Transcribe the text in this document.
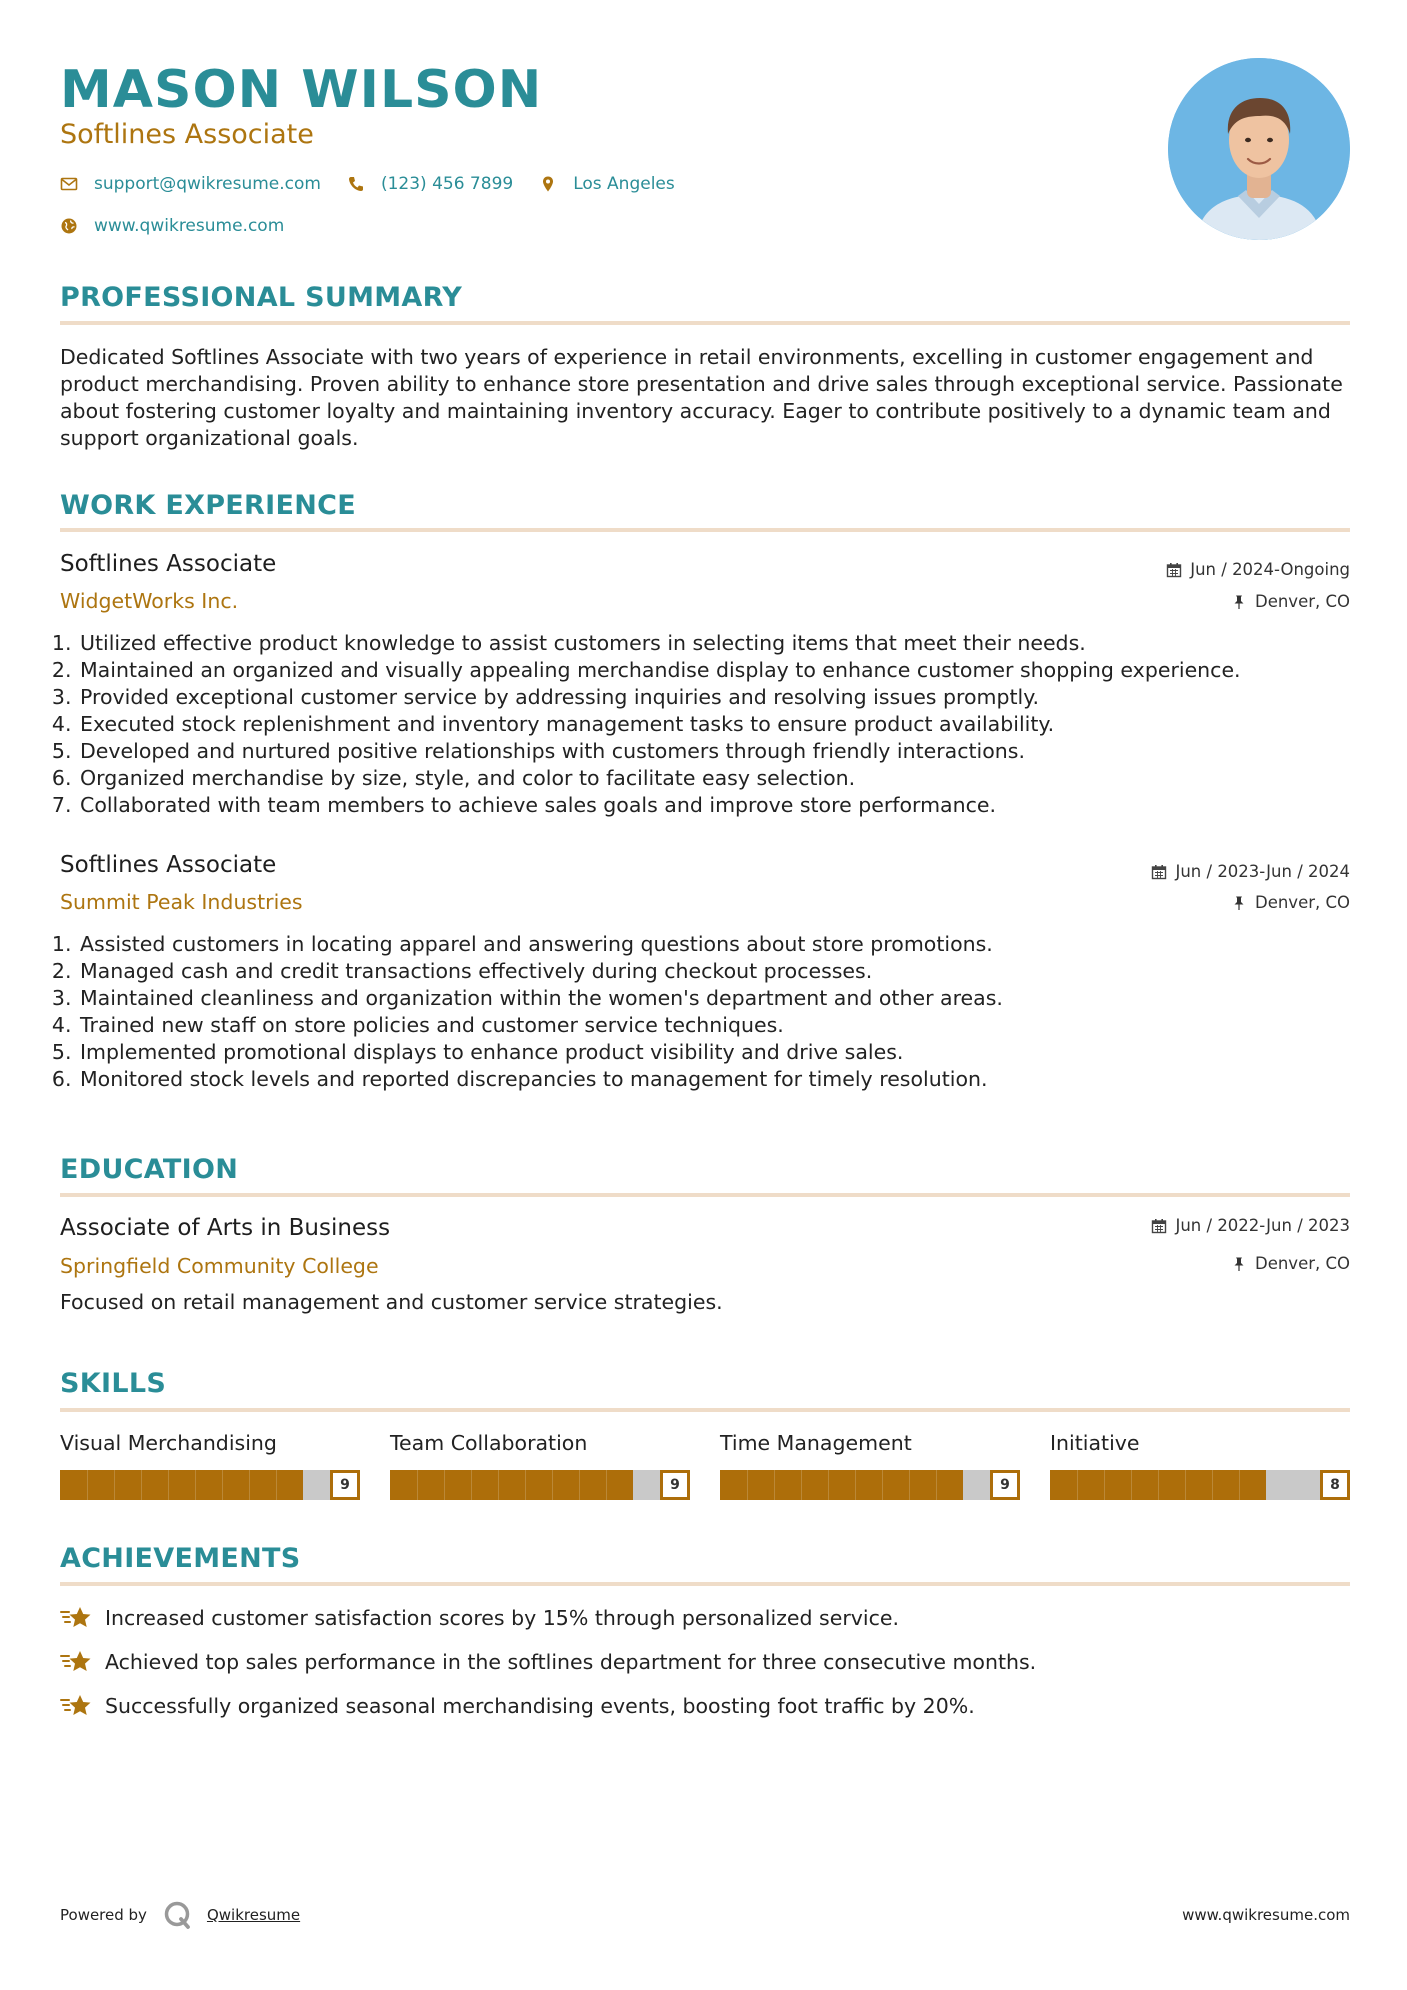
MASON WILSON

Softlines Associate

support@qwikresume.com	(123) 456 7899	Los Angeles
www.qwikresume.com
PROFESSIONAL SUMMARY

Dedicated Softlines Associate with two years of experience in retail environments, excelling in customer engagement and product merchandising. Proven ability to enhance store presentation and drive sales through exceptional service. Passionate about fostering customer loyalty and maintaining inventory accuracy. Eager to contribute positively to a dynamic team and support organizational goals.

WORK EXPERIENCE

Softlines Associate	Jun / 2024-Ongoing

WidgetWorks Inc.	Denver, CO
1. Utilized effective product knowledge to assist customers in selecting items that meet their needs.
2. Maintained an organized and visually appealing merchandise display to enhance customer shopping experience.
3. Provided exceptional customer service by addressing inquiries and resolving issues promptly.
4. Executed stock replenishment and inventory management tasks to ensure product availability.
5. Developed and nurtured positive relationships with customers through friendly interactions.
6. Organized merchandise by size, style, and color to facilitate easy selection.
7. Collaborated with team members to achieve sales goals and improve store performance.

Softlines Associate	Jun / 2023-Jun / 2024

Summit Peak Industries	Denver, CO
1. Assisted customers in locating apparel and answering questions about store promotions.
2. Managed cash and credit transactions effectively during checkout processes.
3. Maintained cleanliness and organization within the women's department and other areas.
4. Trained new staff on store policies and customer service techniques.
5. Implemented promotional displays to enhance product visibility and drive sales.
6. Monitored stock levels and reported discrepancies to management for timely resolution.
EDUCATION

Associate of Arts in Business	Jun / 2022-Jun / 2023

Springfield Community College	Denver, CO

Focused on retail management and customer service strategies.

SKILLS

Visual Merchandising

9

Team Collaboration

9

Time Management

9

Initiative

8
ACHIEVEMENTS
Increased customer satisfaction scores by 15% through personalized service.
Achieved top sales performance in the softlines department for three consecutive months.
Successfully organized seasonal merchandising events, boosting foot traffic by 20%.
Powered by	Qwikresume	www.qwikresume.com
